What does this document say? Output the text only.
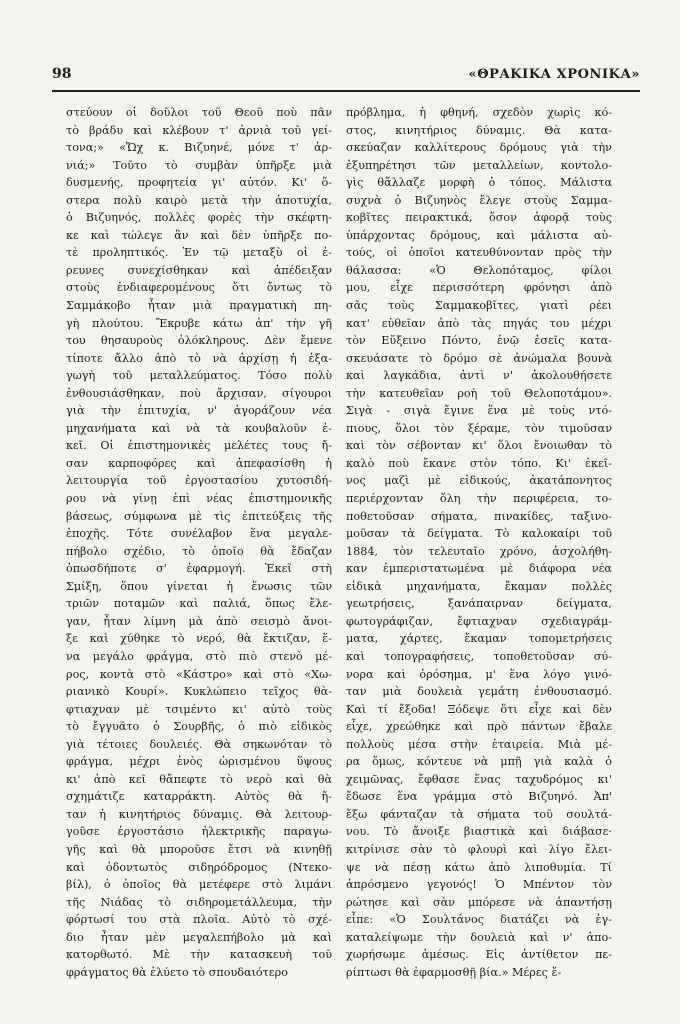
98	«ΘΡΑΚΙΚΑ ΧΡΟΝΙΚΑ»
στεύουν οἱ δοῦλοι τοῦ Θεοῦ ποὺ πᾶν
τὸ βράδυ καὶ κλέβουν τ' ἀρνιὰ τοῦ γεί-
τονα;» «Ὤχ κ. Βιζυηνέ, μόνε τ' ἀρ-
νιά;» Τοῦτο τὸ συμβὰν ὑπῆρξε μιὰ
δυσμενής, προφητεία γι' αὐτόν. Κι' ὅ-
στερα πολὺ καιρὸ μετὰ τὴν ἀποτυχία,
ὁ Βιζυηνός, πολλὲς φορὲς τὴν σκέφτη-
κε καὶ τώλεγε ἂν καὶ δὲν ὑπῆρξε πο-
τὲ προληπτικός. Ἐν τῷ μεταξὺ οἱ ἐ-
ρευνες συνεχίσθηκαν καὶ ἀπέδειξαν
στοὺς ἐνδιαφερομένους ὅτι ὄντως τὸ
Σαμμάκοβο ἦταν μιὰ πραγματικὴ πη-
γὴ πλούτου. Ἔκρυβε κάτω ἀπ' τὴν γῆ
του θησαυροὺς ὁλόκληρους. Δὲν ἔμενε
τίποτε ἄλλο ἀπὸ τὸ νὰ ἀρχίσῃ ἡ ἐξα-
γωγὴ τοῦ μεταλλεύματος. Τόσο πολὺ
ἐνθουσιάσθηκαν, ποὺ ἄρχισαν, σίγουροι
γιὰ τὴν ἐπιτυχία, ν' ἀγοράζουν νέα
μηχανήματα καὶ νὰ τὰ κουβαλοῦν ἐ-
κεῖ. Οἱ ἐπιστημονικὲς μελέτες τους ἤ-
σαν καρποφόρες καὶ ἀπεφασίσθη ἡ
λειτουργία τοῦ ἐργοστασίου χυτοσιδή-
ρου νὰ γίνῃ ἐπὶ νέας ἐπιστημονικῆς
βάσεως, σύμφωνα μὲ τὶς ἐπιτεύξεις τῆς
ἐποχῆς. Τότε συνέλαβον ἕνα μεγαλε-
πήβολο σχέδιο, τὸ ὁποῖο θὰ ἔδαζαν
ὁπωσδήποτε σ' ἐφαρμογή. Ἐκεῖ στὴ
Σμίξη, ὅπου γίνεται ἡ ἕνωσις τῶν
τριῶν ποταμῶν καὶ παλιά, ὅπως ἔλε-
γαν, ἦταν λίμνη μὰ ἀπὸ σεισμὸ ἄνοι-
ξε καὶ χύθηκε τὸ νερό, θὰ ἔκτιζαν, ἕ-
να μεγάλο φράγμα, στὸ πιὸ στενὸ μέ-
ρος, κοντὰ στὸ «Κάστρο» καὶ στὸ «Χω-
ριανικὸ Κουρί». Κυκλώπειο τεῖχος θὰ-
φτιαχναν μὲ τσιμέντο κι' αὐτὸ τοὺς
τὸ ἔγγυᾶτο ὁ Σουρβῆς, ὁ πιὸ εἰδικὸς
γιὰ τέτοιες δουλειές. Θὰ σηκωνόταν τὸ
φράγμα, μέχρι ἑνὸς ὡρισμένου ὕψους
κι' ἀπὸ κεῖ θἄπεφτε τὸ νερὸ καὶ θὰ
σχημάτιζε καταρράκτη. Αὐτὸς θὰ ἤ-
ταν ἡ κινητήριος δύναμις. Θὰ λειτουρ-
γοῦσε ἐργοστάσιο ἠλεκτρικῆς παραγω-
γῆς καὶ θὰ μποροῦσε ἔτσι νὰ κινηθῇ
καὶ ὀδοντωτὸς σιδηρόδρομος (Ντεκο-
βίλ), ὁ ὁποῖος θὰ μετέφερε στὸ λιμάνι
τῆς Νιάδας τὸ σιδηρομετάλλευμα, τὴν
φόρτωσί του στὰ πλοῖα. Αὐτὸ τὸ σχέ-
διο ἦταν μὲν μεγαλεπήβολο μὰ καὶ
κατορθωτό. Μὲ τὴν κατασκευὴ τοῦ
φράγματος θὰ ἐλύετο τὸ σπουδαιότερο
πρόβλημα, ἡ φθηνή, σχεδὸν χωρὶς κό-
στος, κινητήριος δύναμις. Θὰ κατα-
σκεύαζαν καλλίτερους δρόμους γιὰ τὴν
ἐξυπηρέτησι τῶν μεταλλείων, κοντολο-
γὶς θἄλλαζε μορφὴ ὁ τόπος. Μάλιστα
συχνὰ ὁ Βιζυηνὸς ἔλεγε στοὺς Σαμμα-
κοβῖτες πειρακτικά, ὅσον ἀφορᾷ τοὺς
ὑπάρχοντας δρόμους, καὶ μάλιστα αὐ-
τούς, οἱ ὁποῖοι κατευθύνονταν πρὸς τὴν
θάλασσα: «Ὁ Θελοπόταμος, φίλοι
μου, εἶχε περισσότερη φρόνησι ἀπὸ
σᾶς τοὺς Σαμμακοβῖτες, γιατὶ ρέει
κατ' εὐθεῖαν ἀπὸ τὰς πηγάς του μέχρι
τὸν Εὔξεινο Πόντο, ἐνῷ ἐσεῖς κατα-
σκευάσατε τὸ δρόμο σὲ ἀνώμαλα βουνὰ
καὶ λαγκάδια, ἀντὶ ν' ἀκολουθήσετε
τὴν κατευθεῖαν ροὴ τοῦ Θελοποτάμου».
Σιγὰ - σιγὰ ἔγινε ἕνα μὲ τοὺς ντό-
πιους, ὅλοι τὸν ξέραμε, τὸν τιμοῦσαν
καὶ τὸν σέβονταν κι' ὅλοι ἔνοιωθαν τὸ
καλὸ ποὺ ἔκανε στὸν τόπο. Κι' ἐκεῖ-
νος μαζὶ μὲ εἰδικούς, ἀκατάπονητος
περιέρχονταν ὅλη τὴν περιφέρεια, το-
ποθετοῦσαν σήματα, πινακίδες, ταξινο-
μοῦσαν τὰ δείγματα. Τὸ καλοκαίρι τοῦ
1884, τὸν τελευταῖο χρόνο, ἀσχολήθη-
καν ἐμπεριστατωμένα μὲ διάφορα νέα
εἰδικὰ μηχανήματα, ἔκαμαν πολλὲς
γεωτρήσεις, ξανάπαιρναν δείγματα,
φωτογράφιζαν, ἔφτιαχναν σχεδιαγράμ-
ματα, χάρτες, ἔκαμαν τοπομετρήσεις
καὶ τοπογραφήσεις, τοποθετοῦσαν σύ-
νορα καὶ ὁρόσημα, μ' ἕνα λόγο γινό-
ταν μιὰ δουλειὰ γεμάτη ἐνθουσιασμό.
Καὶ τί ἔξοδα! Ξόδεψε ὅτι εἶχε καὶ δὲν
εἶχε, χρεώθηκε καὶ πρὸ πάντων ἔβαλε
πολλοὺς μέσα στὴν ἑταιρεία. Μιὰ μέ-
ρα ὅμως, κόντευε νὰ μπῇ γιὰ καλὰ ὁ
χειμῶνας, ἔφθασε ἕνας ταχυδρόμος κι'
ἔδωσε ἕνα γράμμα στὸ Βιζυηνό. Ἀπ'
ἔξω φάνταζαν τὰ σήματα τοῦ σουλτά-
νου. Τὸ ἄνοιξε βιαστικὰ καὶ διάβασε·
κιτρίνισε σὰν τὸ φλουρὶ καὶ λίγο ἔλει-
ψε νὰ πέσῃ κάτω ἀπὸ λιποθυμία. Τί
ἀπρόσμενο γεγονός! Ὁ Μπέντον τὸν
ρώτησε καὶ σὰν μπόρεσε νὰ ἀπαντήσῃ
εἶπε: «Ὁ Σουλτάνος διατάζει νὰ ἐγ-
καταλείψωμε τὴν δουλειὰ καὶ ν' ἀπο-
χωρήσωμε ἀμέσως. Εἰς ἀντίθετον πε-
ρίπτωσι θὰ ἐφαρμοσθῇ βία.» Μέρες ἔ-
